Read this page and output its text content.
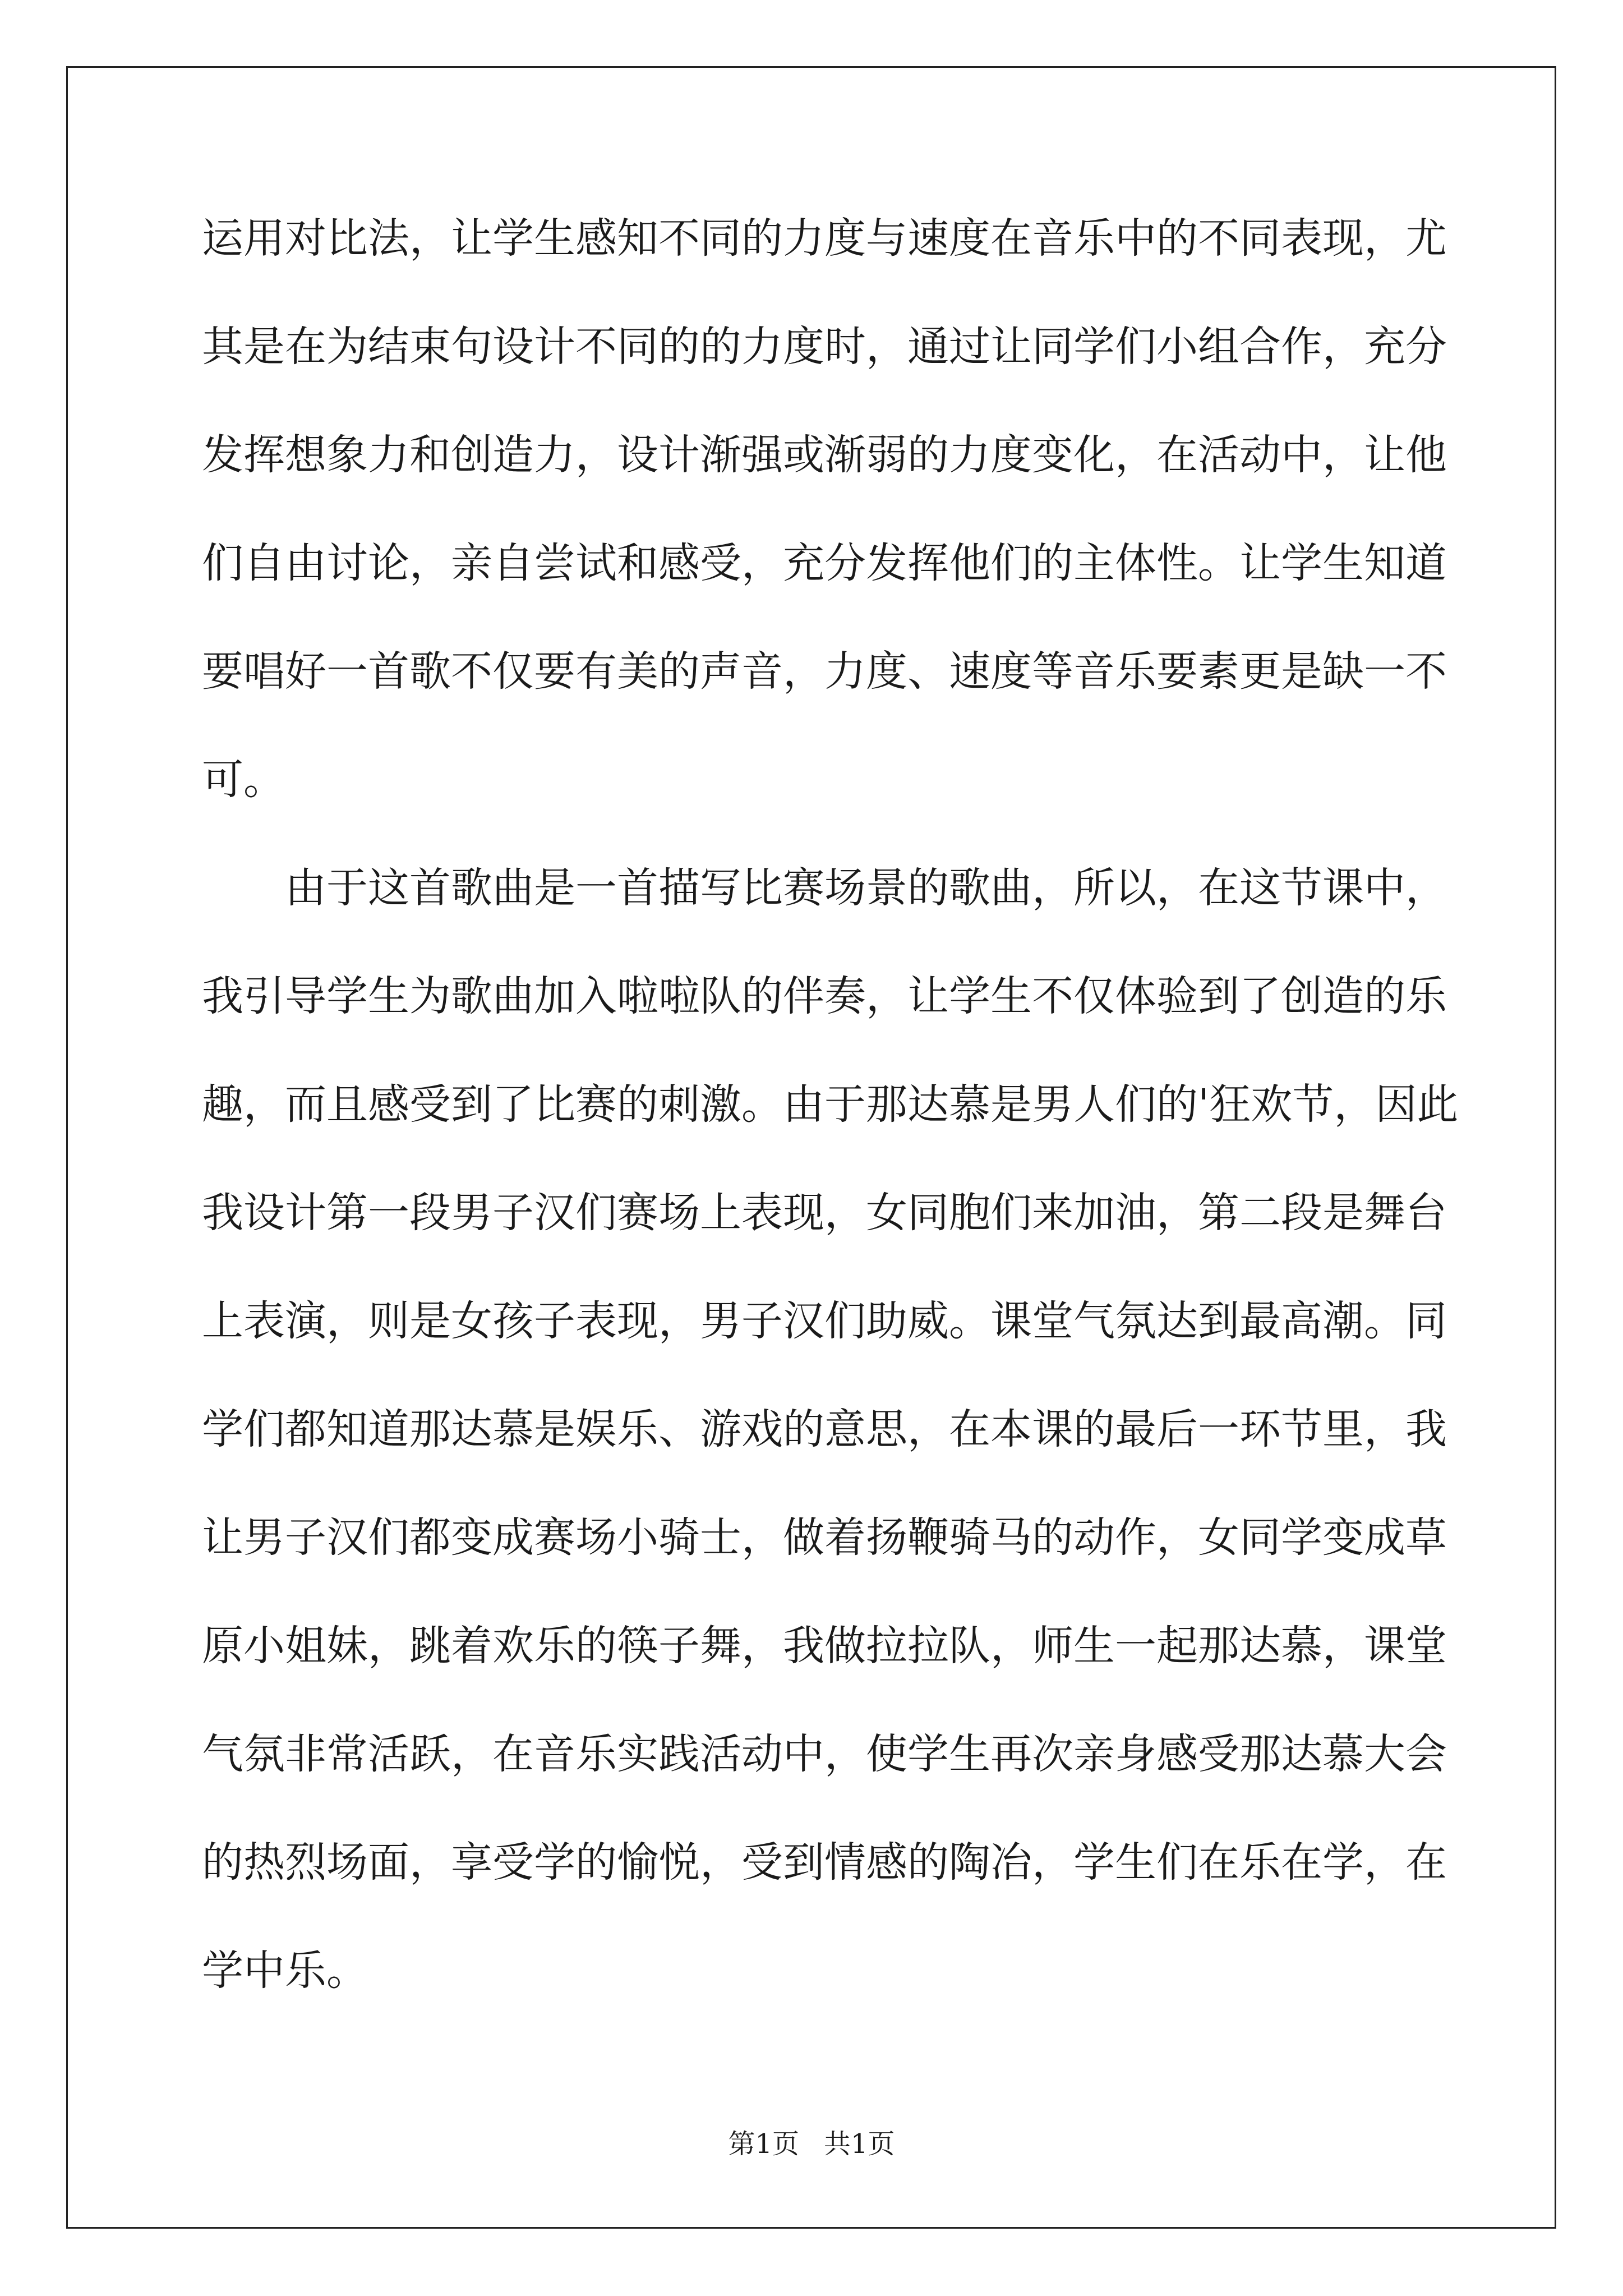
运用对比法，让学生感知不同的力度与速度在音乐中的不同表现，尤
其是在为结束句设计不同的的力度时，通过让同学们小组合作，充分
发挥想象力和创造力，设计渐强或渐弱的力度变化，在活动中，让他
们自由讨论，亲自尝试和感受，充分发挥他们的主体性。让学生知道
要唱好一首歌不仅要有美的声音，力度、速度等音乐要素更是缺一不
可。
由于这首歌曲是一首描写比赛场景的歌曲，所以，在这节课中，
我引导学生为歌曲加入啦啦队的伴奏，让学生不仅体验到了创造的乐
趣，而且感受到了比赛的刺激。由于那达慕是男人们的'狂欢节，因此
我设计第一段男子汉们赛场上表现，女同胞们来加油，第二段是舞台
上表演，则是女孩子表现，男子汉们助威。课堂气氛达到最高潮。同
学们都知道那达慕是娱乐、游戏的意思，在本课的最后一环节里，我
让男子汉们都变成赛场小骑士，做着扬鞭骑马的动作，女同学变成草
原小姐妹，跳着欢乐的筷子舞，我做拉拉队，师生一起那达慕，课堂
气氛非常活跃，在音乐实践活动中，使学生再次亲身感受那达慕大会
的热烈场面，享受学的愉悦，受到情感的陶冶，学生们在乐在学，在
学中乐。
第1页 共1页
